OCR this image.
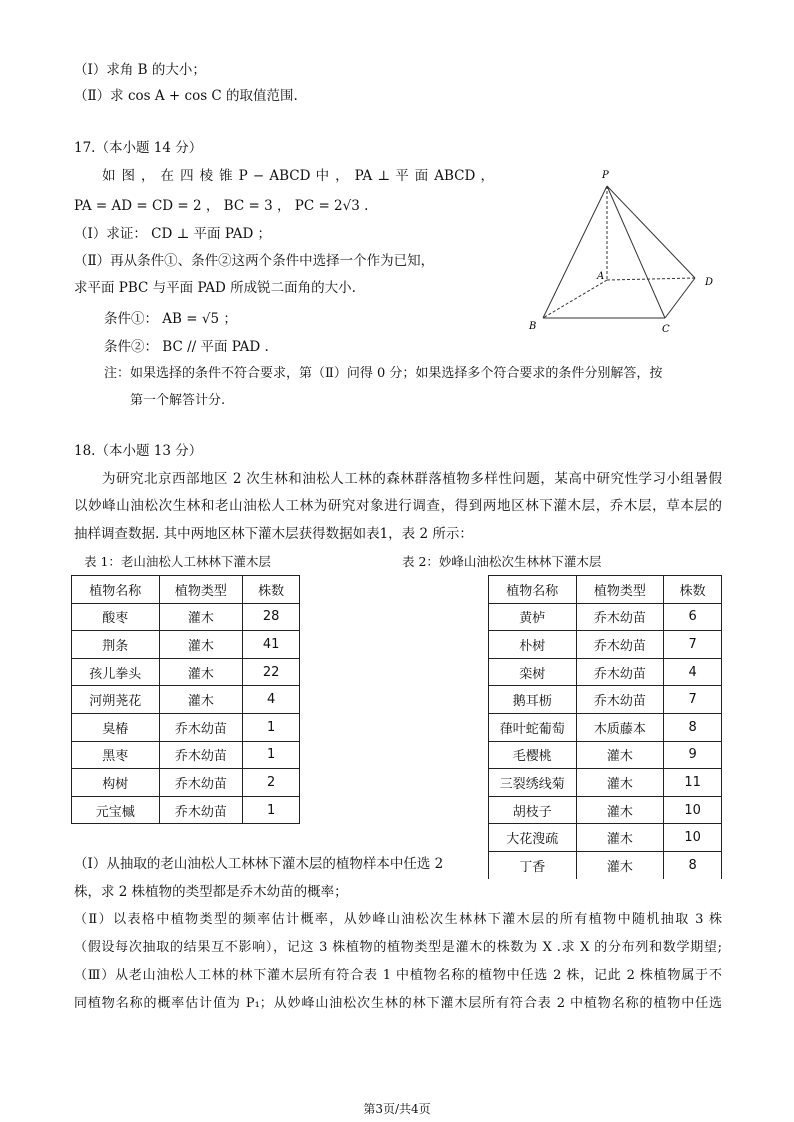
（Ⅰ）求角 B 的大小；
（Ⅱ）求 cos A + cos C 的取值范围.
17.（本小题 14 分）
如 图 ， 在 四 棱 锥 P − ABCD 中 ， PA ⊥ 平 面 ABCD ，
PA = AD = CD = 2 ， BC = 3 ， PC = 2√3 .
（Ⅰ）求证： CD ⊥ 平面 PAD ；
（Ⅱ）再从条件①、条件②这两个条件中选择一个作为已知，
求平面 PBC 与平面 PAD 所成锐二面角的大小.
条件①： AB = √5 ；
条件②： BC // 平面 PAD .
注：如果选择的条件不符合要求，第（Ⅱ）问得 0 分；如果选择多个符合要求的条件分别解答，按
第一个解答计分.
P
A
B	C
D
18.（本小题 13 分）
为研究北京西部地区 2 次生林和油松人工林的森林群落植物多样性问题，某高中研究性学习小组暑假
以妙峰山油松次生林和老山油松人工林为研究对象进行调查，得到两地区林下灌木层，乔木层，草本层的
抽样调查数据. 其中两地区林下灌木层获得数据如表1，表 2 所示：
表 1：老山油松人工林林下灌木层	表 2：妙峰山油松次生林林下灌木层
植物名称	植物类型	株数
酸枣	灌木	28
荆条	灌木	41
孩儿拳头	灌木	22
河朔荛花	灌木	4
臭椿	乔木幼苗	1
黑枣	乔木幼苗	1
构树	乔木幼苗	2
元宝槭	乔木幼苗	1
植物名称	植物类型	株数
黄栌	乔木幼苗	6
朴树	乔木幼苗	7
栾树	乔木幼苗	4
鹅耳枥	乔木幼苗	7
葎叶蛇葡萄	木质藤本	8
毛樱桃	灌木	9
三裂绣线菊	灌木	11
胡枝子	灌木	10
大花溲疏	灌木	10
丁香	灌木	8
（Ⅰ）从抽取的老山油松人工林林下灌木层的植物样本中任选 2
株，求 2 株植物的类型都是乔木幼苗的概率；
（Ⅱ）以表格中植物类型的频率估计概率，从妙峰山油松次生林林下灌木层的所有植物中随机抽取 3 株
（假设每次抽取的结果互不影响），记这 3 株植物的植物类型是灌木的株数为 X .求 X 的分布列和数学期望;
（Ⅲ）从老山油松人工林的林下灌木层所有符合表 1 中植物名称的植物中任选 2 株，记此 2 株植物属于不
同植物名称的概率估计值为 P₁；从妙峰山油松次生林的林下灌木层所有符合表 2 中植物名称的植物中任选
第3页/共4页
